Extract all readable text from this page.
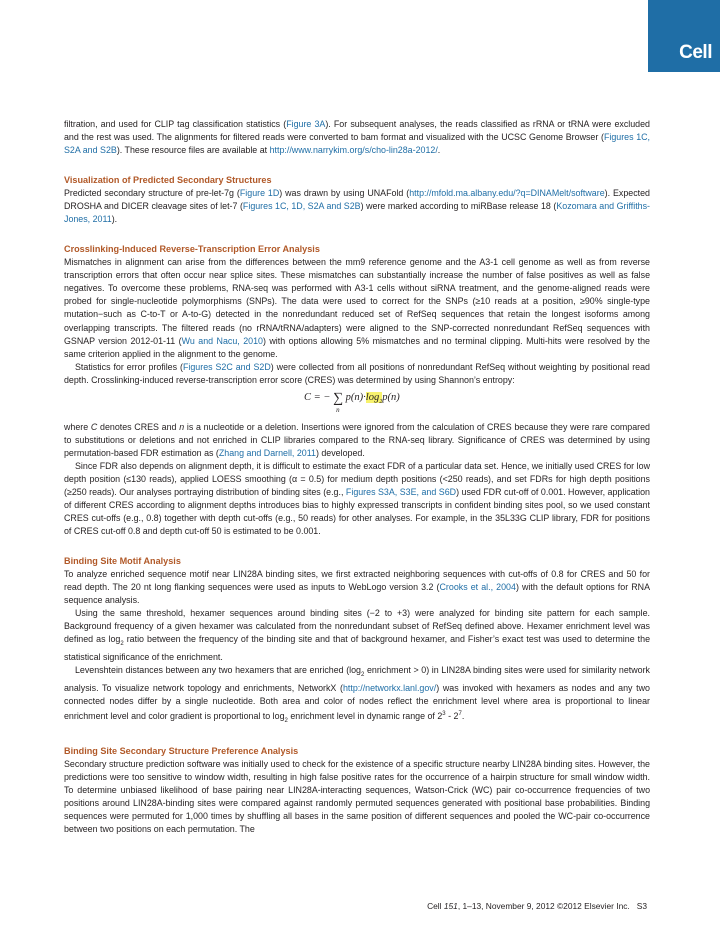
Cell

filtration, and used for CLIP tag classification statistics (Figure 3A). For subsequent analyses, the reads classified as rRNA or tRNA were excluded and the rest was used. The alignments for filtered reads were converted to bam format and visualized with the UCSC Genome Browser (Figures 1C, S2A and S2B). These resource files are available at http://www.narrykim.org/s/cho-lin28a-2012/.

Visualization of Predicted Secondary Structures

Predicted secondary structure of pre-let-7g (Figure 1D) was drawn by using UNAFold (http://mfold.ma.albany.edu/?q=DINAMelt/software). Expected DROSHA and DICER cleavage sites of let-7 (Figures 1C, 1D, S2A and S2B) were marked according to miRBase release 18 (Kozomara and Griffiths-Jones, 2011).

Crosslinking-Induced Reverse-Transcription Error Analysis

Mismatches in alignment can arise from the differences between the mm9 reference genome and the A3-1 cell genome as well as from reverse transcription errors that often occur near splice sites. These mismatches can substantially increase the number of false positives as well as false negatives. To overcome these problems, RNA-seq was performed with A3-1 cells without siRNA treatment, and the genome-aligned reads were probed for single-nucleotide polymorphisms (SNPs). The data were used to correct for the SNPs (≥10 reads at a position, ≥90% single-type mutation−such as C-to-T or A-to-G) detected in the nonredundant reduced set of RefSeq sequences that retain the longest isoforms among overlapping transcripts. The filtered reads (no rRNA/tRNA/adapters) were aligned to the SNP-corrected nonredundant RefSeq sequences with GSNAP version 2012-01-11 (Wu and Nacu, 2010) with options allowing 5% mismatches and no terminal clipping. Multi-hits were resolved by the same criterion applied in the alignment to the genome.

Statistics for error profiles (Figures S2C and S2D) were collected from all positions of nonredundant RefSeq without weighting by positional read depth. Crosslinking-induced reverse-transcription error score (CRES) was determined by using Shannon’s entropy:

C = − ∑
n
$p(n)\cdot\log_2p(n)$

where C denotes CRES and n is a nucleotide or a deletion. Insertions were ignored from the calculation of CRES because they were rare compared to substitutions or deletions and not enriched in CLIP libraries compared to the RNA-seq library. Significance of CRES was determined by using permutation-based FDR estimation as (Zhang and Darnell, 2011) developed.

Since FDR also depends on alignment depth, it is difficult to estimate the exact FDR of a particular data set. Hence, we initially used CRES for low depth position (≤130 reads), applied LOESS smoothing (α = 0.5) for medium depth positions (<250 reads), and set FDRs for high depth positions (≥250 reads). Our analyses portraying distribution of binding sites (e.g., Figures S3A, S3E, and S6D) used FDR cut-off of 0.001. However, application of different CRES according to alignment depths introduces bias to highly expressed transcripts in confident binding sites pool, so we used constant CRES cut-offs (e.g., 0.8) together with depth cut-offs (e.g., 50 reads) for other analyses. For example, in the 35L33G CLIP library, FDR for positions of CRES cut-off 0.8 and depth cut-off 50 is estimated to be 0.001.

Binding Site Motif Analysis

To analyze enriched sequence motif near LIN28A binding sites, we first extracted neighboring sequences with cut-offs of 0.8 for CRES and 50 for read depth. The 20 nt long flanking sequences were used as inputs to WebLogo version 3.2 (Crooks et al., 2004) with the default options for RNA sequence analysis.

Using the same threshold, hexamer sequences around binding sites (−2 to +3) were analyzed for binding site pattern for each sample. Background frequency of a given hexamer was calculated from the nonredundant subset of RefSeq defined above. Hexamer enrichment level was defined as $\log_2$ ratio between the frequency of the binding site and that of background hexamer, and Fisher’s exact test was used to determine the statistical significance of the enrichment.

Levenshtein distances between any two hexamers that are enriched ($\log_2$ enrichment > 0) in LIN28A binding sites were used for similarity network analysis. To visualize network topology and enrichments, NetworkX (http://networkx.lanl.gov/) was invoked with hexamers as nodes and any two connected nodes differ by a single nucleotide. Both area and color of nodes reflect the enrichment level where area is proportional to linear enrichment level and color gradient is proportional to $\log_2$ enrichment level in dynamic range of $2^3 - 2^7$.

Binding Site Secondary Structure Preference Analysis

Secondary structure prediction software was initially used to check for the existence of a specific structure nearby LIN28A binding sites. However, the predictions were too sensitive to window width, resulting in high false positive rates for the occurrence of a hairpin structure for small window width. To determine unbiased likelihood of base pairing near LIN28A-interacting sequences, Watson-Crick (WC) pair co-occurrence frequencies of two positions around LIN28A-binding sites were compared against randomly permuted sequences generated with positional base probabilities. Binding sequences were permuted for 1,000 times by shuffling all bases in the same position of different sequences and pooled the WC-pair co-occurrence between two positions on each permutation. The

Cell 151, 1–13, November 9, 2012 ©2012 Elsevier Inc. S3
